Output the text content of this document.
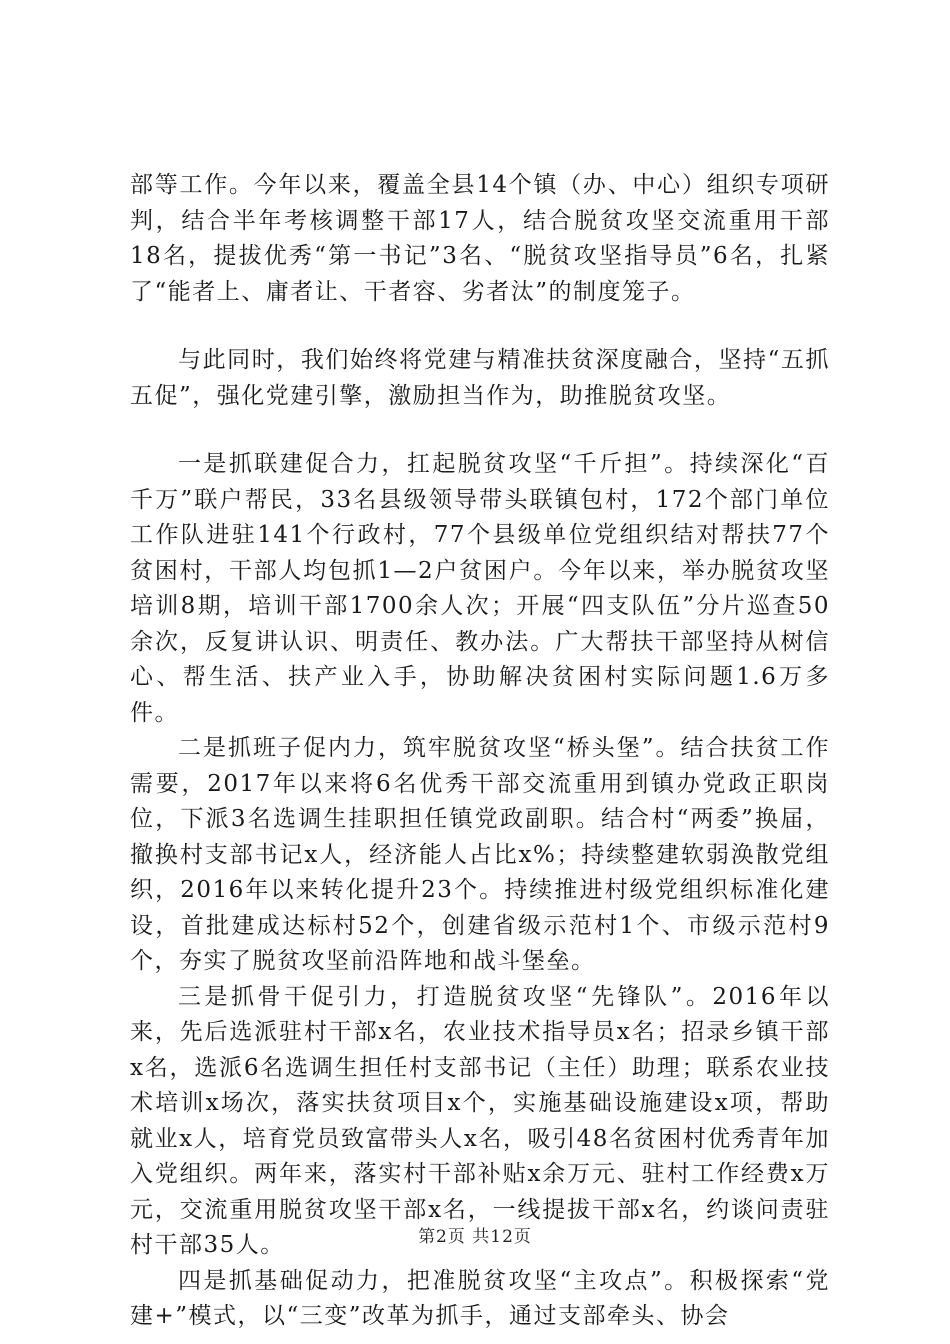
部等工作。今年以来，覆盖全县14个镇（办、中心）组织专项研判，结合半年考核调整干部17人，结合脱贫攻坚交流重用干部18名，提拔优秀“第一书记”3名、“脱贫攻坚指导员”6名，扎紧了“能者上、庸者让、干者容、劣者汰”的制度笼子。

与此同时，我们始终将党建与精准扶贫深度融合，坚持“五抓五促”，强化党建引擎，激励担当作为，助推脱贫攻坚。

一是抓联建促合力，扛起脱贫攻坚“千斤担”。持续深化“百千万”联户帮民，33名县级领导带头联镇包村，172个部门单位工作队进驻141个行政村，77个县级单位党组织结对帮扶77个贫困村，干部人均包抓1—2户贫困户。今年以来，举办脱贫攻坚培训8期，培训干部1700余人次；开展“四支队伍”分片巡查50余次，反复讲认识、明责任、教办法。广大帮扶干部坚持从树信心、帮生活、扶产业入手，协助解决贫困村实际问题1.6万多件。

二是抓班子促内力，筑牢脱贫攻坚“桥头堡”。结合扶贫工作需要，2017年以来将6名优秀干部交流重用到镇办党政正职岗位，下派3名选调生挂职担任镇党政副职。结合村“两委”换届，撤换村支部书记x人，经济能人占比x%；持续整建软弱涣散党组织，2016年以来转化提升23个。持续推进村级党组织标准化建设，首批建成达标村52个，创建省级示范村1个、市级示范村9个，夯实了脱贫攻坚前沿阵地和战斗堡垒。

三是抓骨干促引力，打造脱贫攻坚“先锋队”。2016年以来，先后选派驻村干部x名，农业技术指导员x名；招录乡镇干部x名，选派6名选调生担任村支部书记（主任）助理；联系农业技术培训x场次，落实扶贫项目x个，实施基础设施建设x项，帮助就业x人，培育党员致富带头人x名，吸引48名贫困村优秀青年加入党组织。两年来，落实村干部补贴x余万元、驻村工作经费x万元，交流重用脱贫攻坚干部x名，一线提拔干部x名，约谈问责驻村干部35人。

四是抓基础促动力，把准脱贫攻坚“主攻点”。积极探索“党建+”模式，以“三变”改革为抓手，通过支部牵头、协会

第2页 共12页
